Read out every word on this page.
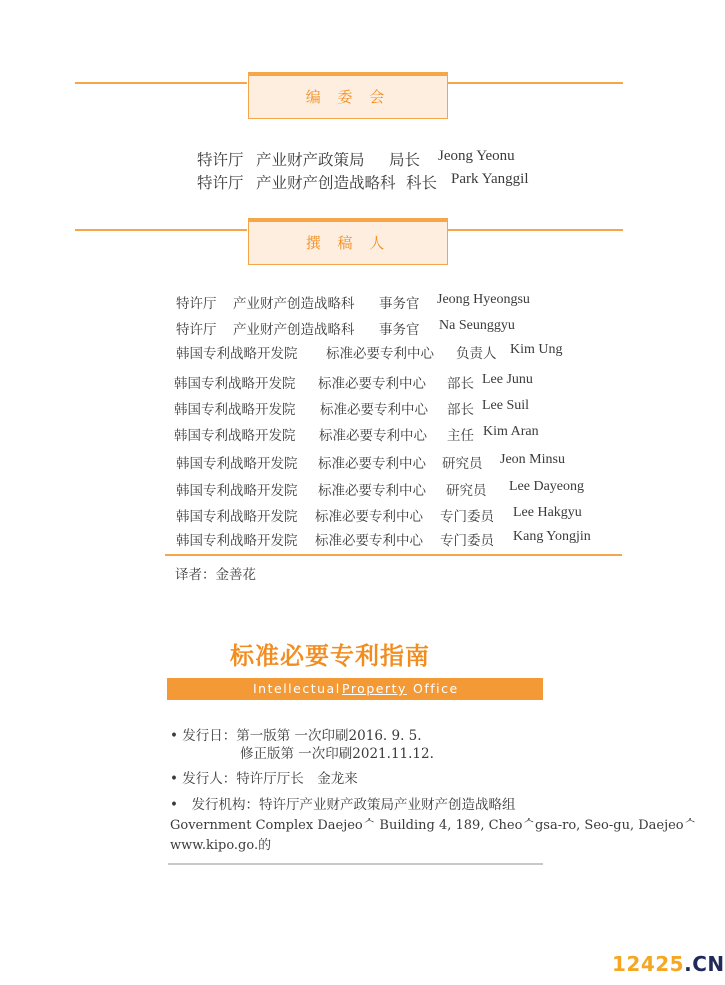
编 委 会
特许厅 产业财产政策局 局长 Jeong Yeonu
特许厅 产业财产创造战略科 科长 Park Yanggil
撰 稿 人
特许厅 产业财产创造战略科 事务官 Jeong Hyeongsu
特许厅 产业财产创造战略科 事务官 Na Seunggyu
韩国专利战略开发院 标准必要专利中心 负责人 Kim Ung
韩国专利战略开发院 标准必要专利中心 部长 Lee Junu
韩国专利战略开发院 标准必要专利中心 部长 Lee Suil
韩国专利战略开发院 标准必要专利中心 主任 Kim Aran
韩国专利战略开发院 标准必要专利中心 研究员 Jeon Minsu
韩国专利战略开发院 标准必要专利中心 研究员 Lee Dayeong
韩国专利战略开发院 标准必要专利中心 专门委员 Lee Hakgyu
韩国专利战略开发院 标准必要专利中心 专门委员 Kang Yongjin
译者：金善花
标准必要专利指南
Intellectual Property Office
• 发行日：第一版第 一次印刷2016. 9. 5.
修正版第 一次印刷2021.11.12.
• 发行人：特许厅厅长　金龙来
•　发行机构：特许厅产业财产政策局产业财产创造战略组
Government Complex Daejeoᄉ Building 4, 189, Cheoᄉgsa-ro, Seo-gu, Daejeoᄉ
www.kipo.go.的
12425.CN
